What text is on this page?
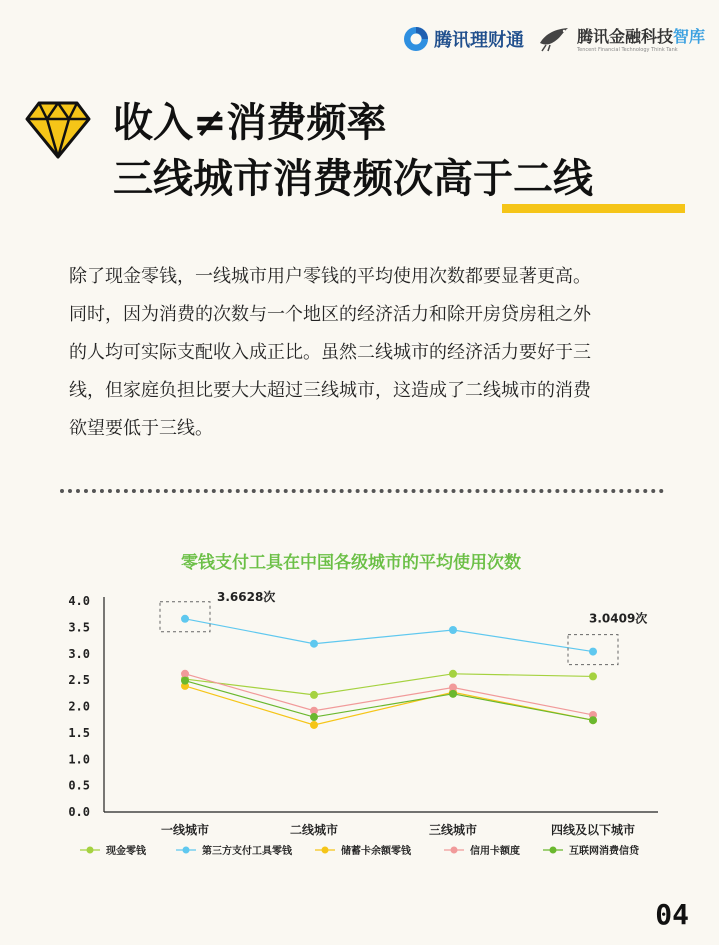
腾讯理财通	腾讯金融科技智库
Tencent Financial Technology Think Tank
收入≠消费频率
三线城市消费频次高于二线

除了现金零钱，一线城市用户零钱的平均使用次数都要显著更高。

同时，因为消费的次数与一个地区的经济活力和除开房贷房租之外

的人均可实际支配收入成正比。虽然二线城市的经济活力要好于三

线，但家庭负担比要大大超过三线城市，这造成了二线城市的消费

欲望要低于三线。

零钱支付工具在中国各级城市的平均使用次数
4.0
3.5
3.0
2.5
2.0
1.5
1.0
0.5
0.0
一线城市	二线城市	三线城市	四线及以下城市
3.6628次
3.0409次
现金零钱	第三方支付工具零钱	储蓄卡余额零钱	信用卡额度	互联网消费信贷
04
